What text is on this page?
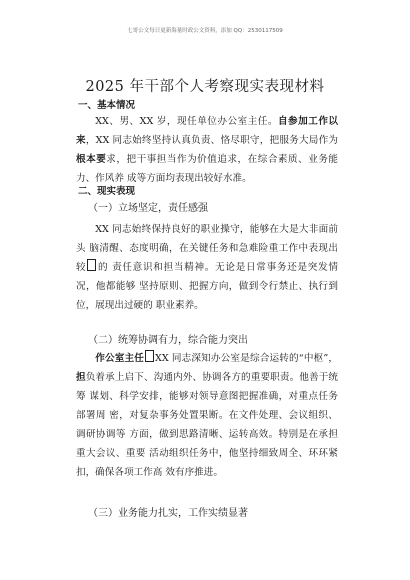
七哥公文每日更新海量时政公文资料，添加 QQ：2530117509
2025 年干部个人考察现实表现材料
一、基本情况
XX、男、XX 岁，现任单位办公室主任。自参加工作以来，XX 同志始终坚持认真负责、恪尽职守，把服务大局作为根本要求，把干事担当作为价值追求，在综合素质、业务能力、作风养 成等方面均表现出较好水准。
二、现实表现
（一）立场坚定，责任感强
XX 同志始终保持良好的职业操守，能够在大是大非面前头 脑清醒、态度明确，在关键任务和急难险重工作中表现出较 的 责任意识和担当精神。无论是日常事务还是突发情况，他都能够 坚持原则、把握方向，做到令行禁止、执行到位，展现出过硬的 职业素养。
（二）统筹协调有力，综合能力突出
作公室主任 XX 同志深知办公室是综合运转的“中枢”，担负着承上启下、沟通内外、协调各方的重要职责。他善于统筹 谋划、科学安排，能够对领导意图把握准确，对重点任务部署周 密，对复杂事务处置果断。在文件处理、会议组织、调研协调等 方面，做到思路清晰、运转高效。特别是在承担重大会议、重要 活动组织任务中，他坚持细致周全、环环紧扣，确保各项工作高 效有序推进。
（三）业务能力扎实，工作实绩显著
